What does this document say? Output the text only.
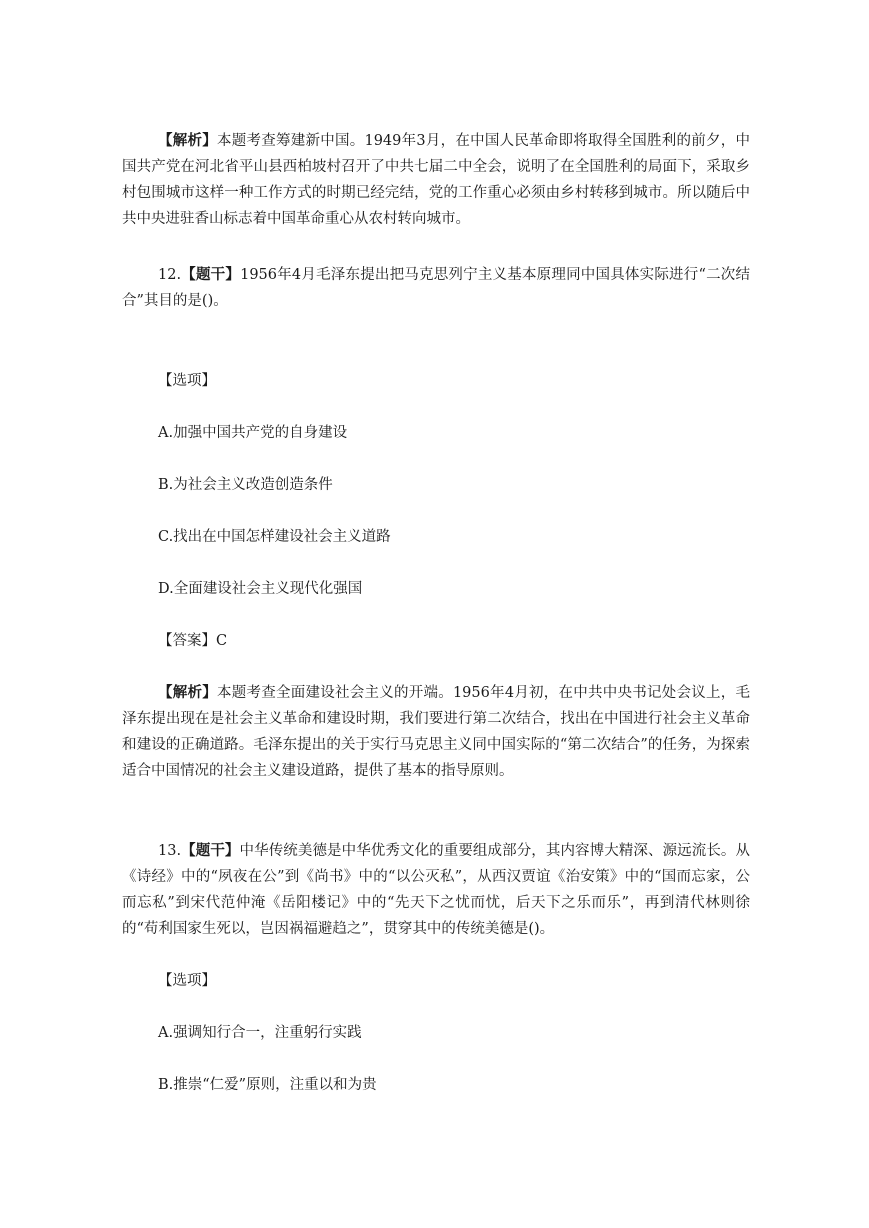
【解析】本题考查筹建新中国。1949年3月，在中国人民革命即将取得全国胜利的前夕，中国共产党在河北省平山县西柏坡村召开了中共七届二中全会，说明了在全国胜利的局面下，采取乡村包围城市这样一种工作方式的时期已经完结，党的工作重心必须由乡村转移到城市。所以随后中共中央进驻香山标志着中国革命重心从农村转向城市。

12.【题干】1956年4月毛泽东提出把马克思列宁主义基本原理同中国具体实际进行“二次结合”其目的是()。

【选项】

A.加强中国共产党的自身建设

B.为社会主义改造创造条件

C.找出在中国怎样建设社会主义道路

D.全面建设社会主义现代化强国

【答案】C

【解析】本题考查全面建设社会主义的开端。1956年4月初，在中共中央书记处会议上，毛泽东提出现在是社会主义革命和建设时期，我们要进行第二次结合，找出在中国进行社会主义革命和建设的正确道路。毛泽东提出的关于实行马克思主义同中国实际的“第二次结合”的任务，为探索适合中国情况的社会主义建设道路，提供了基本的指导原则。

13.【题干】中华传统美德是中华优秀文化的重要组成部分，其内容博大精深、源远流长。从《诗经》中的“夙夜在公”到《尚书》中的“以公灭私”，从西汉贾谊《治安策》中的“国而忘家，公而忘私”到宋代范仲淹《岳阳楼记》中的“先天下之忧而忧，后天下之乐而乐”，再到清代林则徐的“苟利国家生死以，岂因祸福避趋之”，贯穿其中的传统美德是()。

【选项】

A.强调知行合一，注重躬行实践

B.推崇“仁爱”原则，注重以和为贵
